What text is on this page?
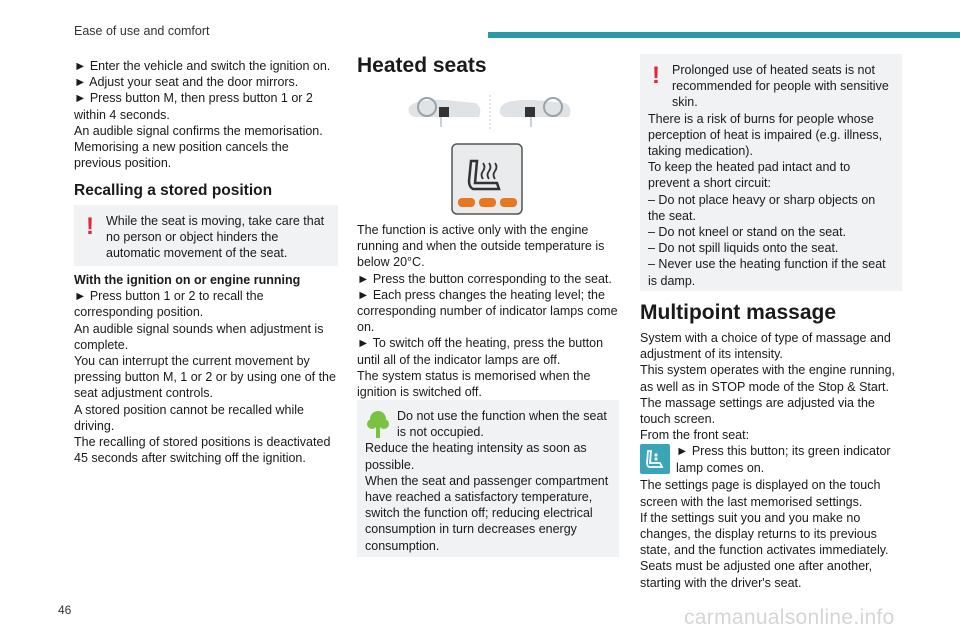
Ease of use and comfort

► Enter the vehicle and switch the ignition on.

► Adjust your seat and the door mirrors.

► Press button M, then press button 1 or 2 within 4 seconds.

An audible signal confirms the memorisation.

Memorising a new position cancels the previous position.

Recalling a stored position
! While the seat is moving, take care that no person or object hinders the automatic movement of the seat.

With the ignition on or engine running

► Press button 1 or 2 to recall the corresponding position.

An audible signal sounds when adjustment is complete.

You can interrupt the current movement by pressing button M, 1 or 2 or by using one of the seat adjustment controls.

A stored position cannot be recalled while driving.

The recalling of stored positions is deactivated 45 seconds after switching off the ignition.

Heated seats

The function is active only with the engine running and when the outside temperature is below 20°C.

► Press the button corresponding to the seat.

► Each press changes the heating level; the corresponding number of indicator lamps come on.

► To switch off the heating, press the button until all of the indicator lamps are off.

The system status is memorised when the ignition is switched off.

Do not use the function when the seat is not occupied.

Reduce the heating intensity as soon as possible.

When the seat and passenger compartment have reached a satisfactory temperature, switch the function off; reducing electrical consumption in turn decreases energy consumption.

! Prolonged use of heated seats is not recommended for people with sensitive skin.

There is a risk of burns for people whose perception of heat is impaired (e.g. illness, taking medication).

To keep the heated pad intact and to prevent a short circuit:

– Do not place heavy or sharp objects on the seat.

– Do not kneel or stand on the seat.

– Do not spill liquids onto the seat.

– Never use the heating function if the seat is damp.

Multipoint massage

System with a choice of type of massage and adjustment of its intensity.

This system operates with the engine running, as well as in STOP mode of the Stop & Start.

The massage settings are adjusted via the touch screen.

From the front seat:

► Press this button; its green indicator lamp comes on.

The settings page is displayed on the touch screen with the last memorised settings.

If the settings suit you and you make no changes, the display returns to its previous state, and the function activates immediately.

Seats must be adjusted one after another, starting with the driver's seat.

46	carmanualsonline.info
